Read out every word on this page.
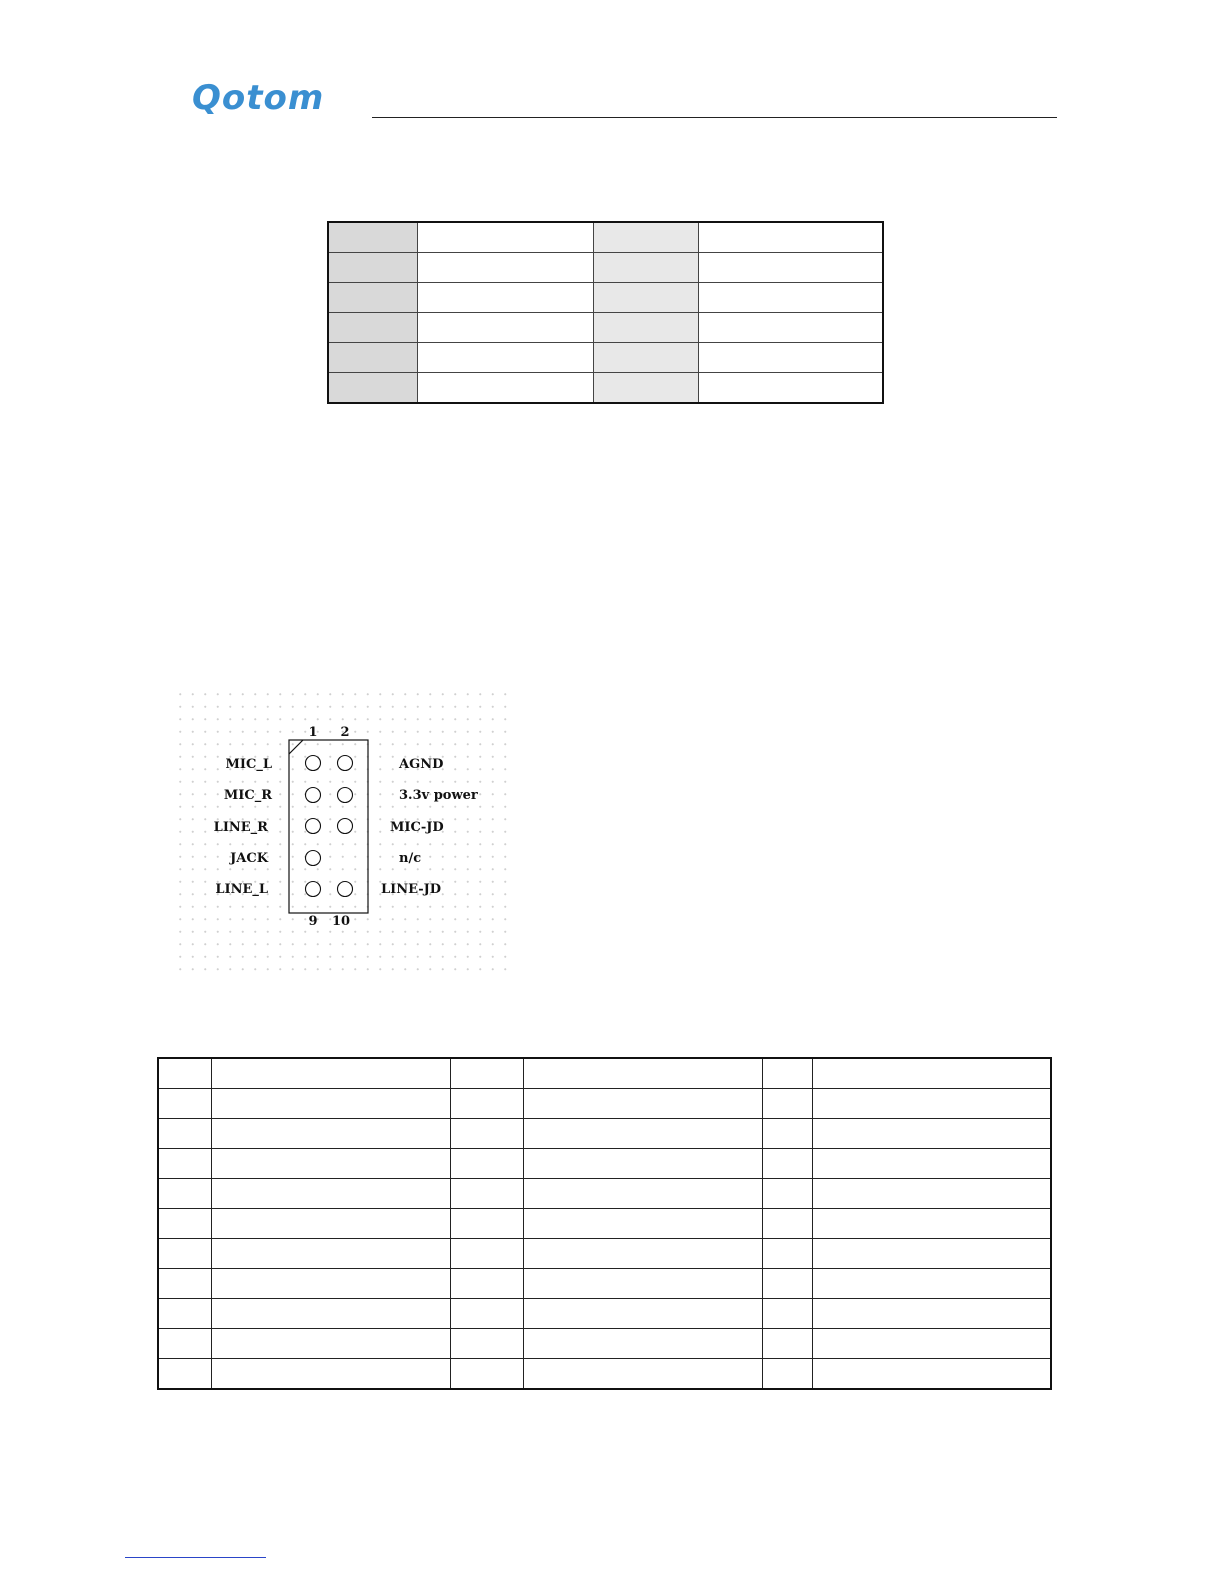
Qotom

1 2
9 10
MIC_L
MIC_R
LINE_R
JACK
LINE_L
AGND
3.3v power
MIC-JD
n/c
LINE-JD
